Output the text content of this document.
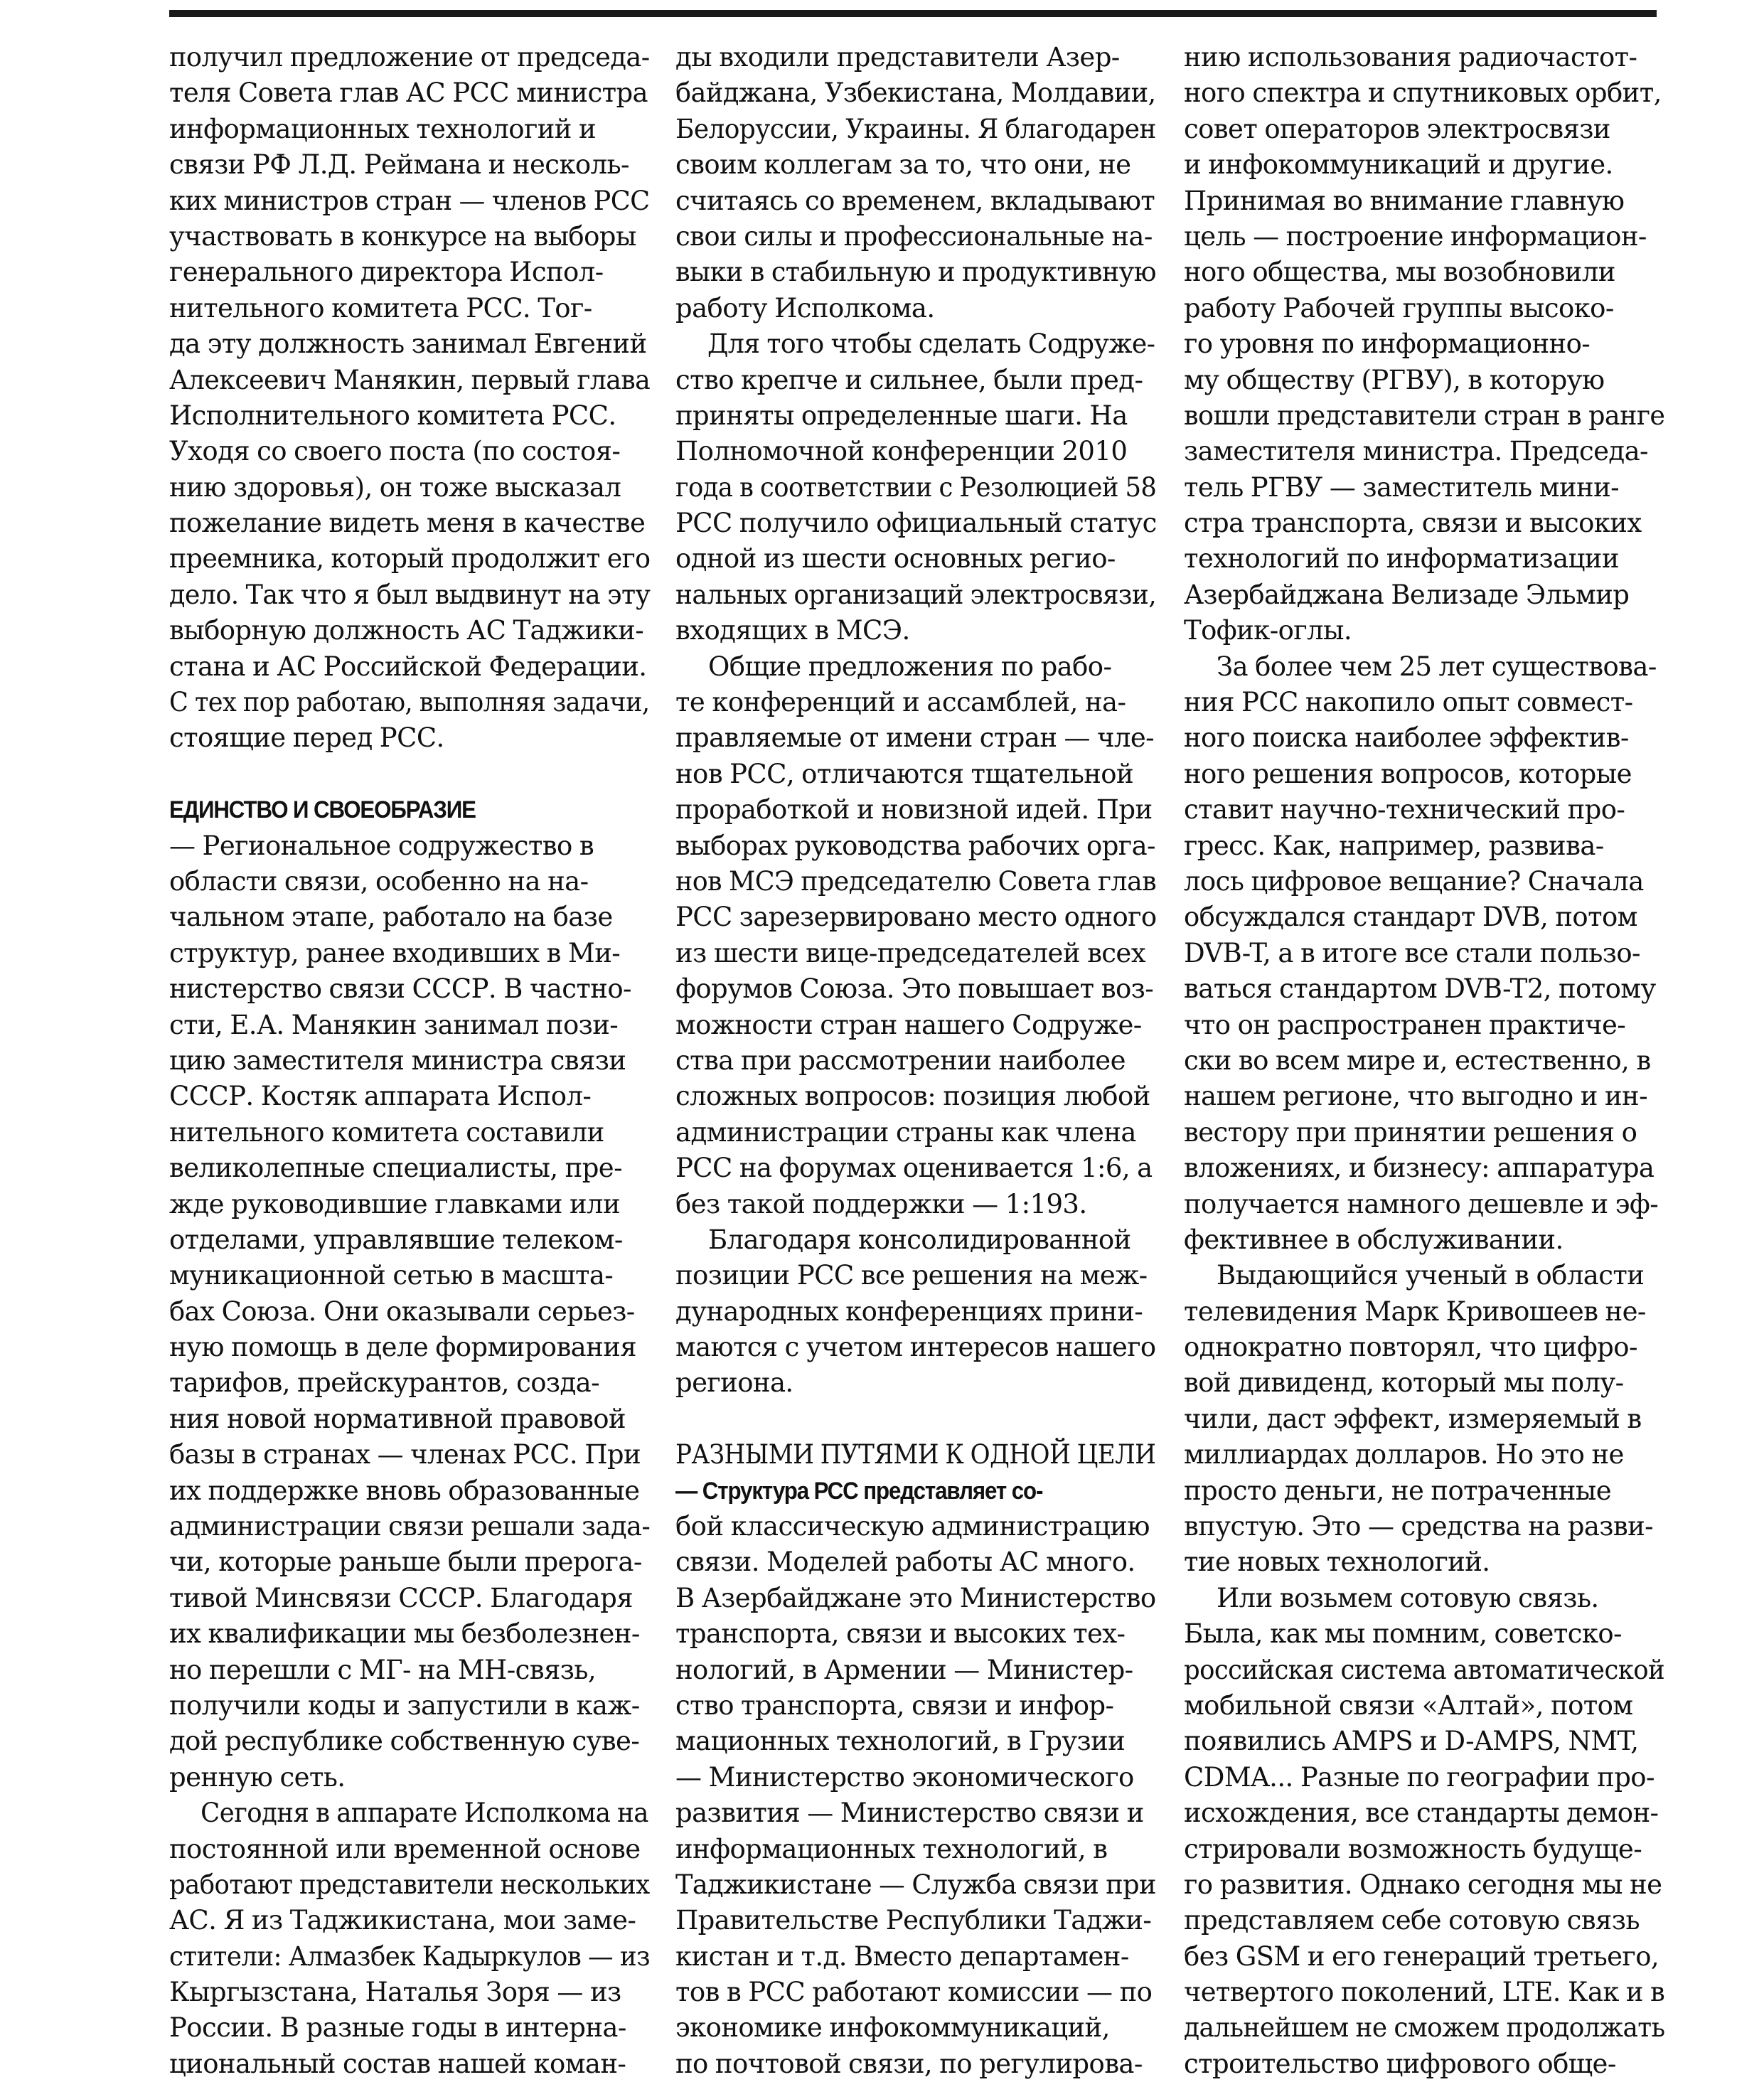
получил предложение от председа-
теля Совета глав АС РСС министра
информационных технологий и
связи РФ Л.Д. Реймана и несколь-
ких министров стран — членов РСС
участвовать в конкурсе на выборы
генерального директора Испол-
нительного комитета РСС. Тог-
да эту должность занимал Евгений
Алексеевич Манякин, первый глава
Исполнительного комитета РСС.
Уходя со своего поста (по состоя-
нию здоровья), он тоже высказал
пожелание видеть меня в качестве
преемника, который продолжит его
дело. Так что я был выдвинут на эту
выборную должность АС Таджики-
стана и АС Российской Федерации.
С тех пор работаю, выполняя задачи,
стоящие перед РСС.
ЕДИНСТВО И СВОЕОБРАЗИЕ
— Региональное содружество в
области связи, особенно на на-
чальном этапе, работало на базе
структур, ранее входивших в Ми-
нистерство связи СССР. В частно-
сти, Е.А. Манякин занимал пози-
цию заместителя министра связи
СССР. Костяк аппарата Испол-
нительного комитета составили
великолепные специалисты, пре-
жде руководившие главками или
отделами, управлявшие телеком-
муникационной сетью в масшта-
бах Союза. Они оказывали серьез-
ную помощь в деле формирования
тарифов, прейскурантов, созда-
ния новой нормативной правовой
базы в странах — членах РСС. При
их поддержке вновь образованные
администрации связи решали зада-
чи, которые раньше были прерога-
тивой Минсвязи СССР. Благодаря
их квалификации мы безболезнен-
но перешли с МГ- на МН-связь,
получили коды и запустили в каж-
дой республике собственную суве-
ренную сеть.
Сегодня в аппарате Исполкома на
постоянной или временной основе
работают представители нескольких
АС. Я из Таджикистана, мои заме-
стители: Алмазбек Кадыркулов — из
Кыргызстана, Наталья Зоря — из
России. В разные годы в интерна-
циональный состав нашей коман-
ды входили представители Азер-
байджана, Узбекистана, Молдавии,
Белоруссии, Украины. Я благодарен
своим коллегам за то, что они, не
считаясь со временем, вкладывают
свои силы и профессиональные на-
выки в стабильную и продуктивную
работу Исполкома.
Для того чтобы сделать Содруже-
ство крепче и сильнее, были пред-
приняты определенные шаги. На
Полномочной конференции 2010
года в соответствии с Резолюцией 58
РСС получило официальный статус
одной из шести основных регио-
нальных организаций электросвязи,
входящих в МСЭ.
Общие предложения по рабо-
те конференций и ассамблей, на-
правляемые от имени стран — чле-
нов РСС, отличаются тщательной
проработкой и новизной идей. При
выборах руководства рабочих орга-
нов МСЭ председателю Совета глав
РСС зарезервировано место одного
из шести вице-председателей всех
форумов Союза. Это повышает воз-
можности стран нашего Содруже-
ства при рассмотрении наиболее
сложных вопросов: позиция любой
администрации страны как члена
РСС на форумах оценивается 1:6, а
без такой поддержки — 1:193.
Благодаря консолидированной
позиции РСС все решения на меж-
дународных конференциях прини-
маются с учетом интересов нашего
региона.
РАЗНЫМИ ПУТЯМИ К ОДНОЙ ЦЕЛИ
— Структура РСС представляет со-
бой классическую администрацию
связи. Моделей работы АС много.
В Азербайджане это Министерство
транспорта, связи и высоких тех-
нологий, в Армении — Министер-
ство транспорта, связи и инфор-
мационных технологий, в Грузии
— Министерство экономического
развития — Министерство связи и
информационных технологий, в
Таджикистане — Служба связи при
Правительстве Республики Таджи-
кистан и т.д. Вместо департамен-
тов в РСС работают комиссии — по
экономике инфокоммуникаций,
по почтовой связи, по регулирова-
нию использования радиочастот-
ного спектра и спутниковых орбит,
совет операторов электросвязи
и инфокоммуникаций и другие.
Принимая во внимание главную
цель — построение информацион-
ного общества, мы возобновили
работу Рабочей группы высоко-
го уровня по информационно-
му обществу (РГВУ), в которую
вошли представители стран в ранге
заместителя министра. Председа-
тель РГВУ — заместитель мини-
стра транспорта, связи и высоких
технологий по информатизации
Азербайджана Велизаде Эльмир
Тофик-оглы.
За более чем 25 лет существова-
ния РСС накопило опыт совмест-
ного поиска наиболее эффектив-
ного решения вопросов, которые
ставит научно-технический про-
гресс. Как, например, развива-
лось цифровое вещание? Сначала
обсуждался стандарт DVB, потом
DVB-T, а в итоге все стали пользо-
ваться стандартом DVB-T2, потому
что он распространен практиче-
ски во всем мире и, естественно, в
нашем регионе, что выгодно и ин-
вестору при принятии решения о
вложениях, и бизнесу: аппаратура
получается намного дешевле и эф-
фективнее в обслуживании.
Выдающийся ученый в области
телевидения Марк Кривошеев не-
однократно повторял, что цифро-
вой дивиденд, который мы полу-
чили, даст эффект, измеряемый в
миллиардах долларов. Но это не
просто деньги, не потраченные
впустую. Это — средства на разви-
тие новых технологий.
Или возьмем сотовую связь.
Была, как мы помним, советско-
российская система автоматической
мобильной связи «Алтай», потом
появились AMPS и D-AMPS, NMT,
CDMA... Разные по географии про-
исхождения, все стандарты демон-
стрировали возможность будуще-
го развития. Однако сегодня мы не
представляем себе сотовую связь
без GSM и его генераций третьего,
четвертого поколений, LTE. Как и в
дальнейшем не сможем продолжать
строительство цифрового обще-
